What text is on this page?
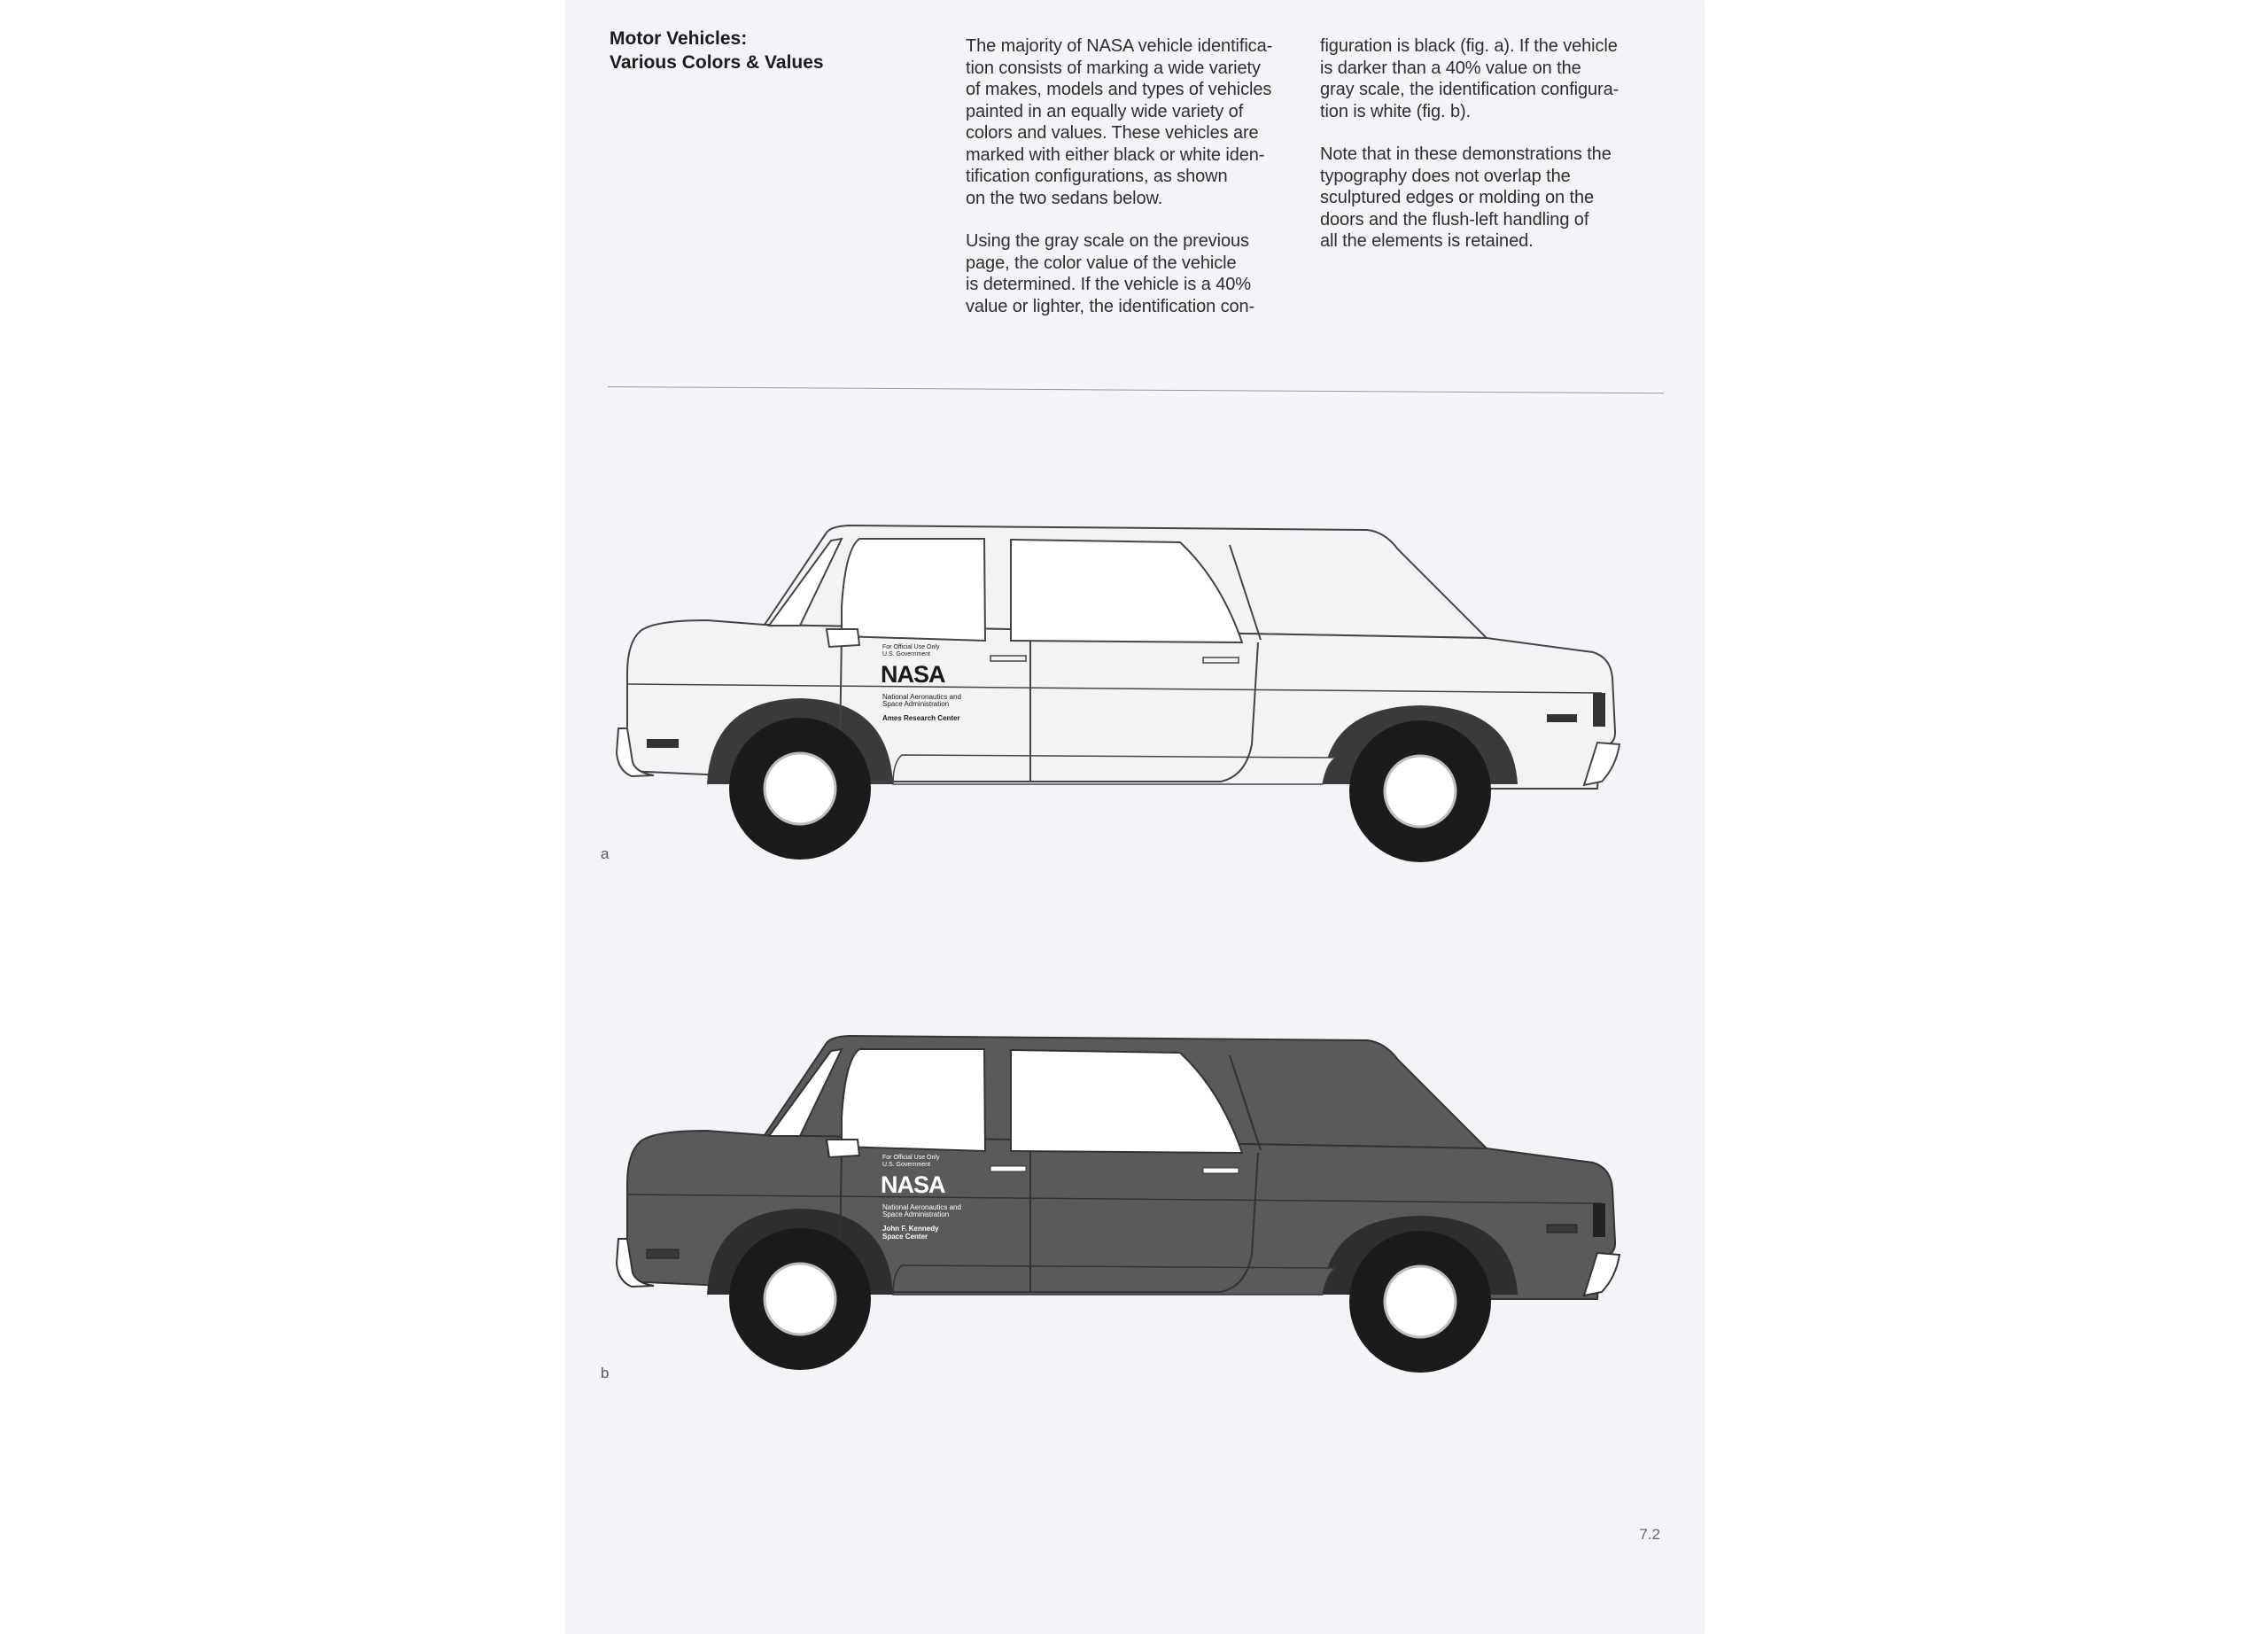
Motor Vehicles:
Various Colors & Values

The majority of NASA vehicle identifica-
tion consists of marking a wide variety
of makes, models and types of vehicles
painted in an equally wide variety of
colors and values. These vehicles are
marked with either black or white iden-
tification configurations, as shown
on the two sedans below.

Using the gray scale on the previous
page, the color value of the vehicle
is determined. If the vehicle is a 40%
value or lighter, the identification con-

figuration is black (fig. a). If the vehicle
is darker than a 40% value on the
gray scale, the identification configura-
tion is white (fig. b).

Note that in these demonstrations the
typography does not overlap the
sculptured edges or molding on the
doors and the flush-left handling of
all the elements is retained.

For Official Use Only
U.S. Government
NASA
National Aeronautics and
Space Administration
Ames Research Center
a
For Official Use Only
U.S. Government
NASA
National Aeronautics and
Space Administration
John F. Kennedy
Space Center
b
7.2
